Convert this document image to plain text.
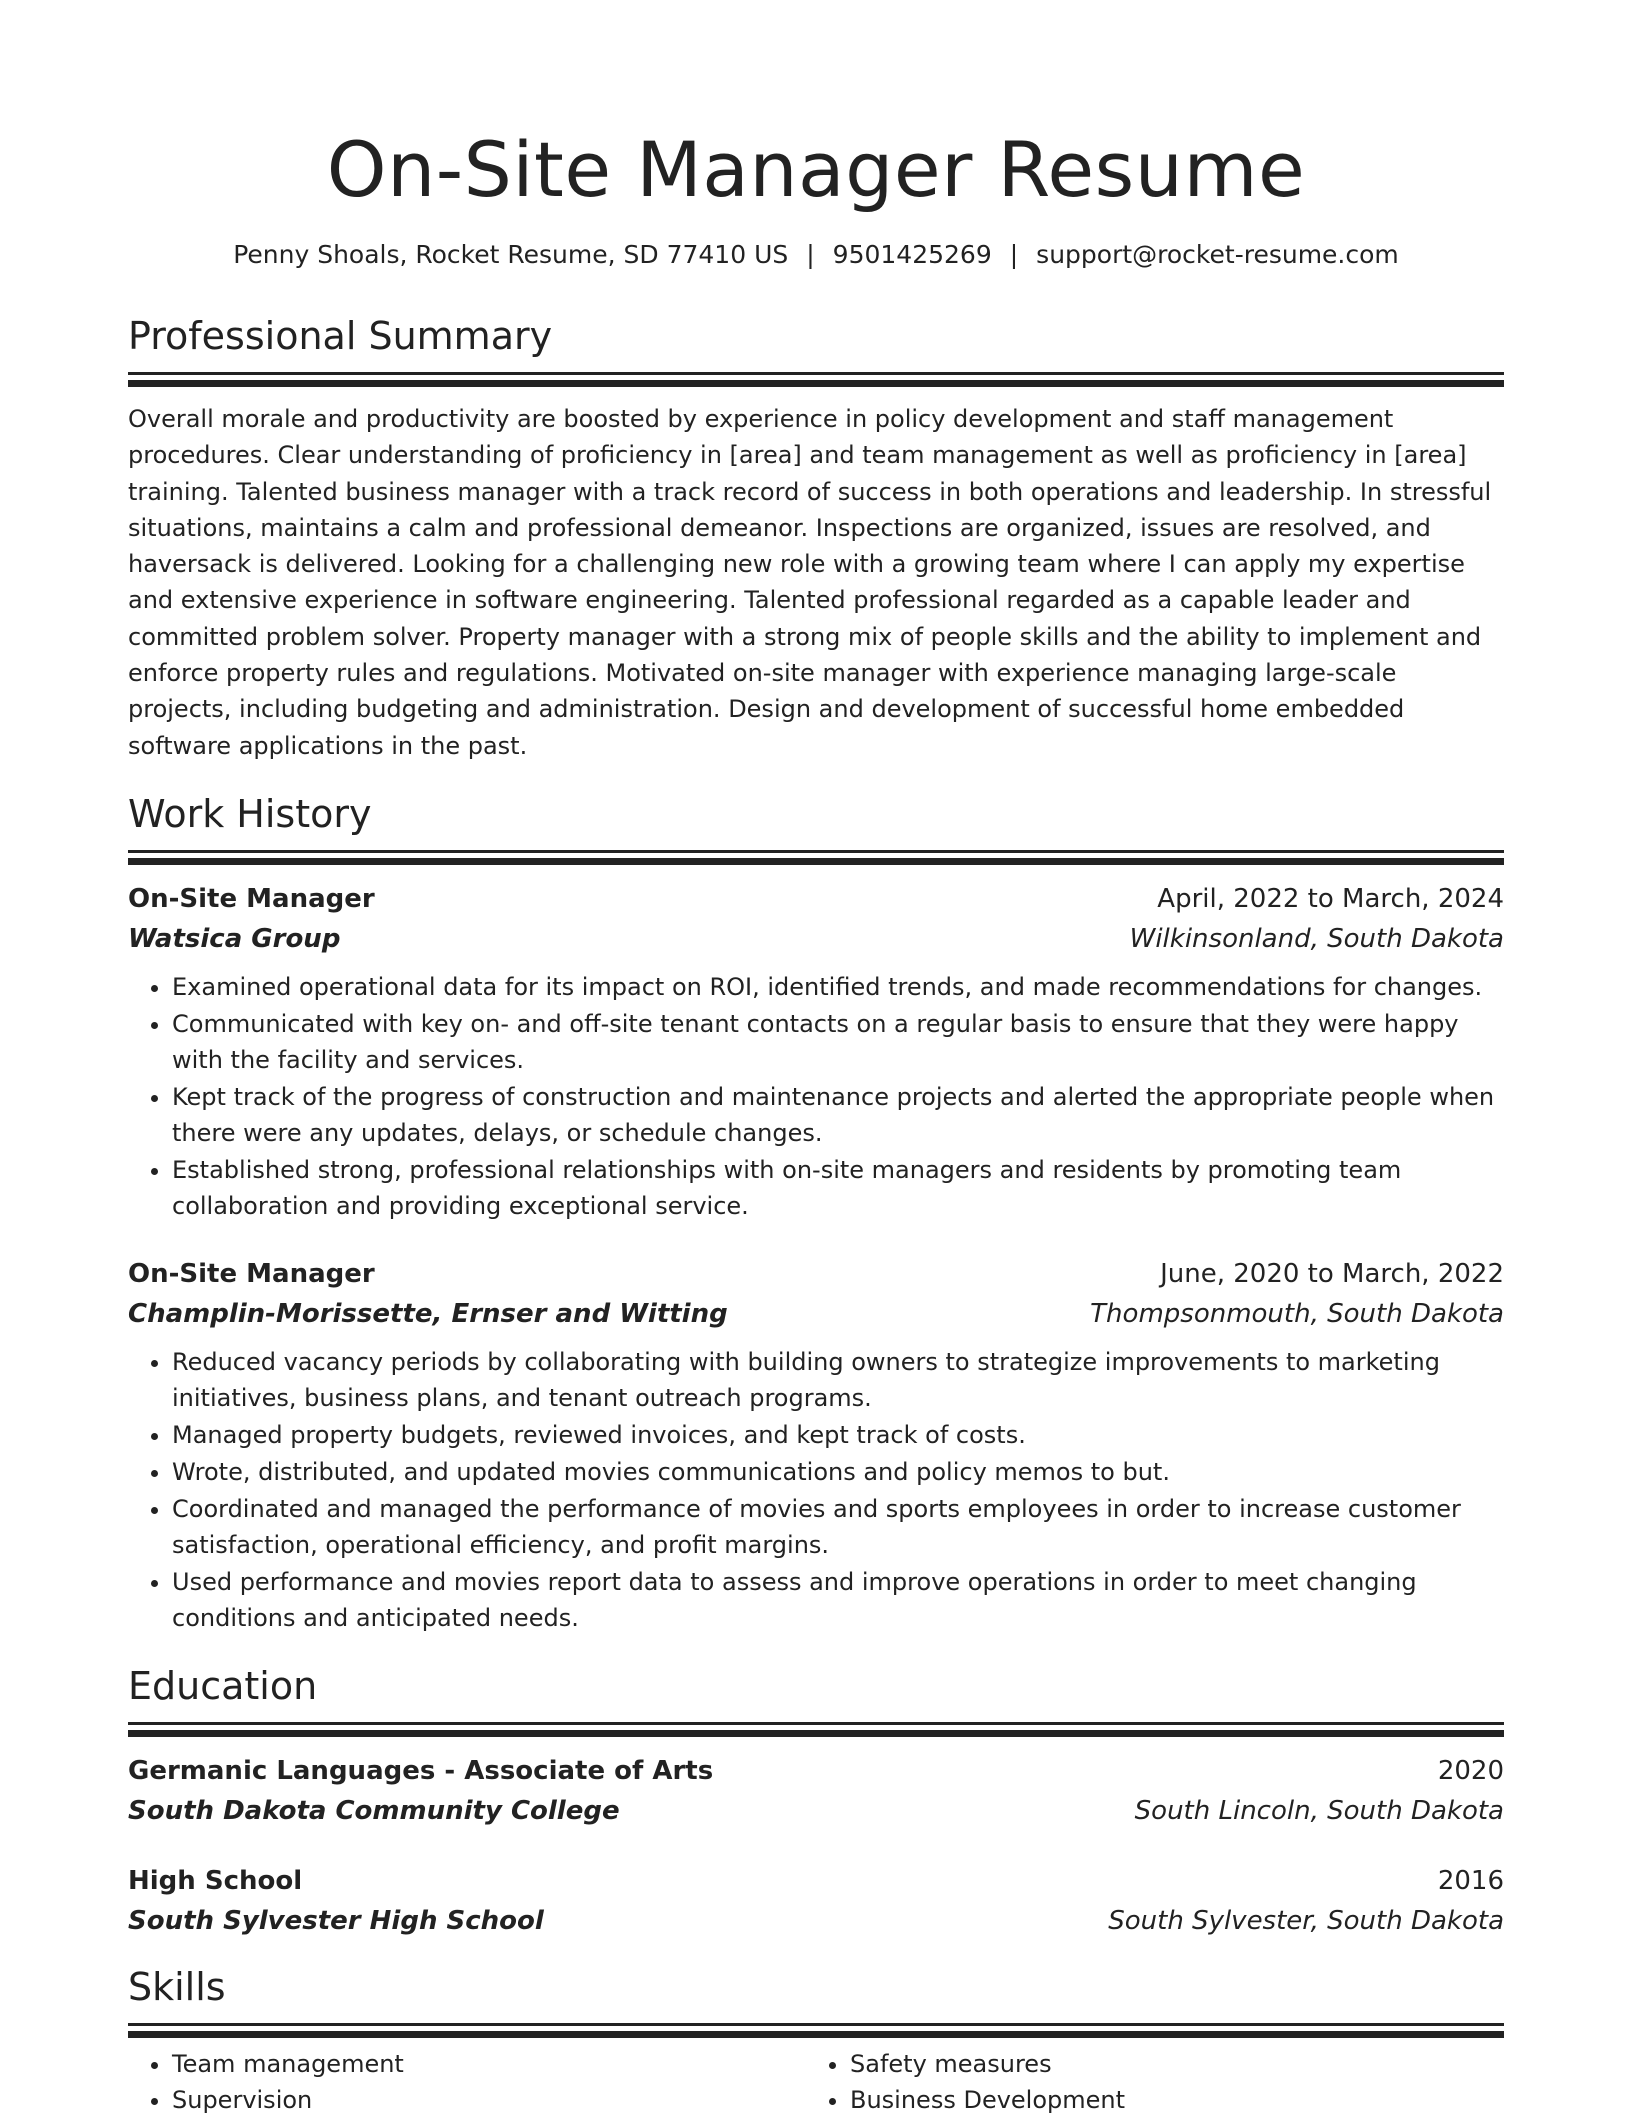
On-Site Manager Resume
Penny Shoals, Rocket Resume, SD 77410 US | 9501425269 | support@rocket-resume.com
Professional Summary
Overall morale and productivity are boosted by experience in policy development and staff management procedures. Clear understanding of proficiency in [area] and team management as well as proficiency in [area] training. Talented business manager with a track record of success in both operations and leadership. In stressful situations, maintains a calm and professional demeanor. Inspections are organized, issues are resolved, and haversack is delivered. Looking for a challenging new role with a growing team where I can apply my expertise and extensive experience in software engineering. Talented professional regarded as a capable leader and committed problem solver. Property manager with a strong mix of people skills and the ability to implement and enforce property rules and regulations. Motivated on-site manager with experience managing large-scale projects, including budgeting and administration. Design and development of successful home embedded software applications in the past.
Work History
On-Site Manager	April, 2022 to March, 2024
Watsica Group	Wilkinsonland, South Dakota
• Examined operational data for its impact on ROI, identified trends, and made recommendations for changes.
• Communicated with key on- and off-site tenant contacts on a regular basis to ensure that they were happy with the facility and services.
• Kept track of the progress of construction and maintenance projects and alerted the appropriate people when there were any updates, delays, or schedule changes.
• Established strong, professional relationships with on-site managers and residents by promoting team collaboration and providing exceptional service.
On-Site Manager	June, 2020 to March, 2022
Champlin-Morissette, Ernser and Witting	Thompsonmouth, South Dakota
• Reduced vacancy periods by collaborating with building owners to strategize improvements to marketing initiatives, business plans, and tenant outreach programs.
• Managed property budgets, reviewed invoices, and kept track of costs.
• Wrote, distributed, and updated movies communications and policy memos to but.
• Coordinated and managed the performance of movies and sports employees in order to increase customer satisfaction, operational efficiency, and profit margins.
• Used performance and movies report data to assess and improve operations in order to meet changing conditions and anticipated needs.
Education
Germanic Languages - Associate of Arts	2020
South Dakota Community College	South Lincoln, South Dakota
High School	2016
South Sylvester High School	South Sylvester, South Dakota
Skills
• Team management
• Supervision
• Safety measures
• Business Development
